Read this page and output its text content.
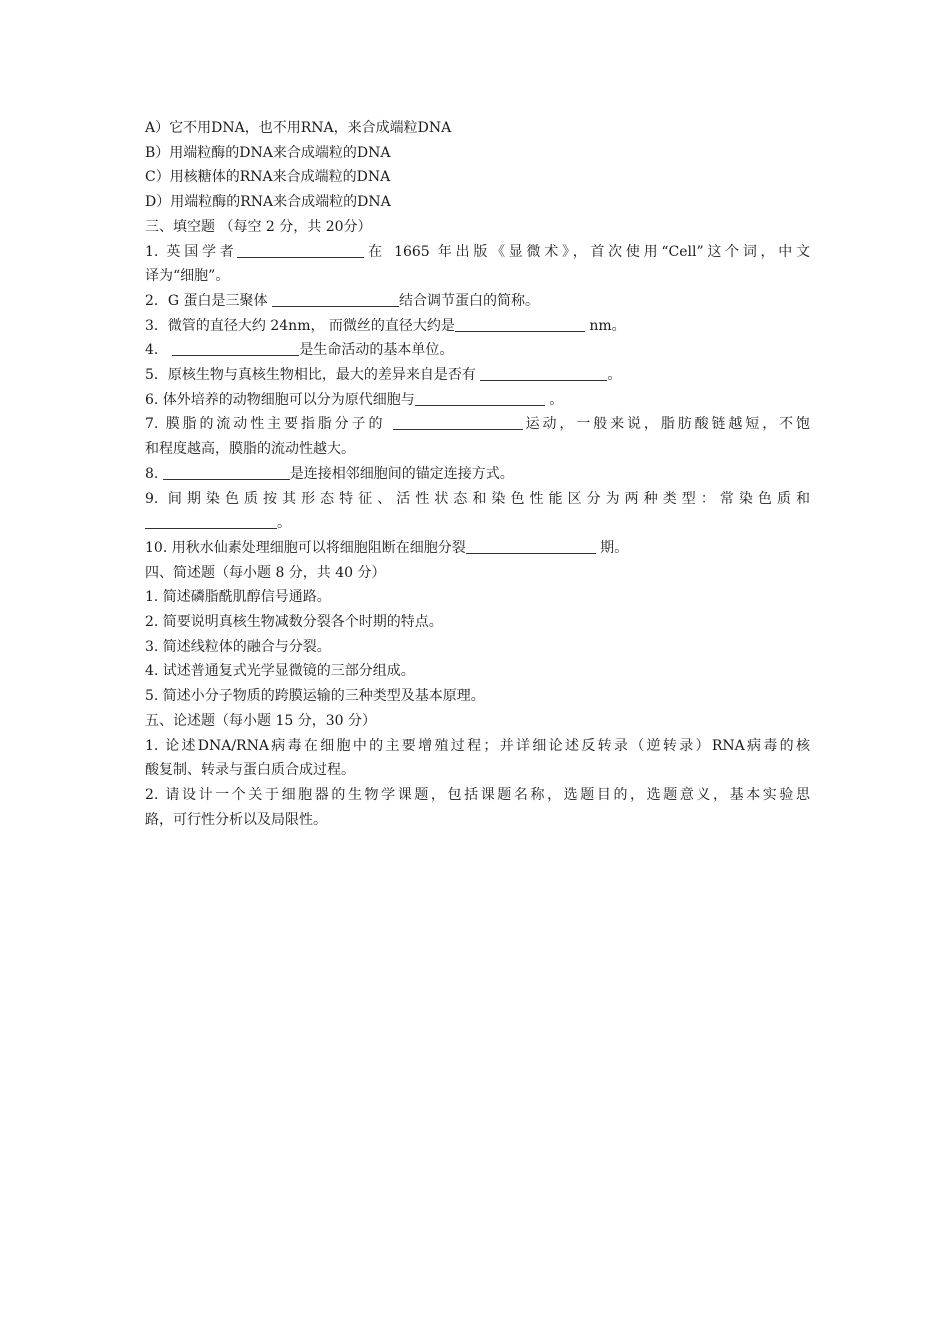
A）它不用DNA，也不用RNA，来合成端粒DNA
B）用端粒酶的DNA来合成端粒的DNA
C）用核糖体的RNA来合成端粒的DNA
D）用端粒酶的RNA来合成端粒的DNA
三、填空题 （每空 2 分，共 20分）
1. 英国学者	在 1665 年出版《显微术》，首次使用“Cell”这个词，中文
译为“细胞”。
2．G 蛋白是三聚体	结合调节蛋白的简称。
3．微管的直径大约 24nm， 而微丝的直径大约是	nm。
4．	是生命活动的基本单位。
5．原核生物与真核生物相比，最大的差异来自是否有	。
6. 体外培养的动物细胞可以分为原代细胞与	。
7. 膜脂的流动性主要指脂分子的	运动，一般来说，脂肪酸链越短，不饱
和程度越高，膜脂的流动性越大。
8.	是连接相邻细胞间的锚定连接方式。
9. 间期染色质按其形态特征、活性状态和染色性能区分为两种类型：常染色质和
。
10. 用秋水仙素处理细胞可以将细胞阻断在细胞分裂	期。
四、简述题（每小题 8 分，共 40 分）
1. 简述磷脂酰肌醇信号通路。
2. 简要说明真核生物减数分裂各个时期的特点。
3. 简述线粒体的融合与分裂。
4. 试述普通复式光学显微镜的三部分组成。
5. 简述小分子物质的跨膜运输的三种类型及基本原理。
五、论述题（每小题 15 分，30 分）
1. 论述DNA/RNA病毒在细胞中的主要增殖过程；并详细论述反转录（逆转录）RNA病毒的核
酸复制、转录与蛋白质合成过程。
2. 请设计一个关于细胞器的生物学课题，包括课题名称，选题目的，选题意义，基本实验思
路，可行性分析以及局限性。
